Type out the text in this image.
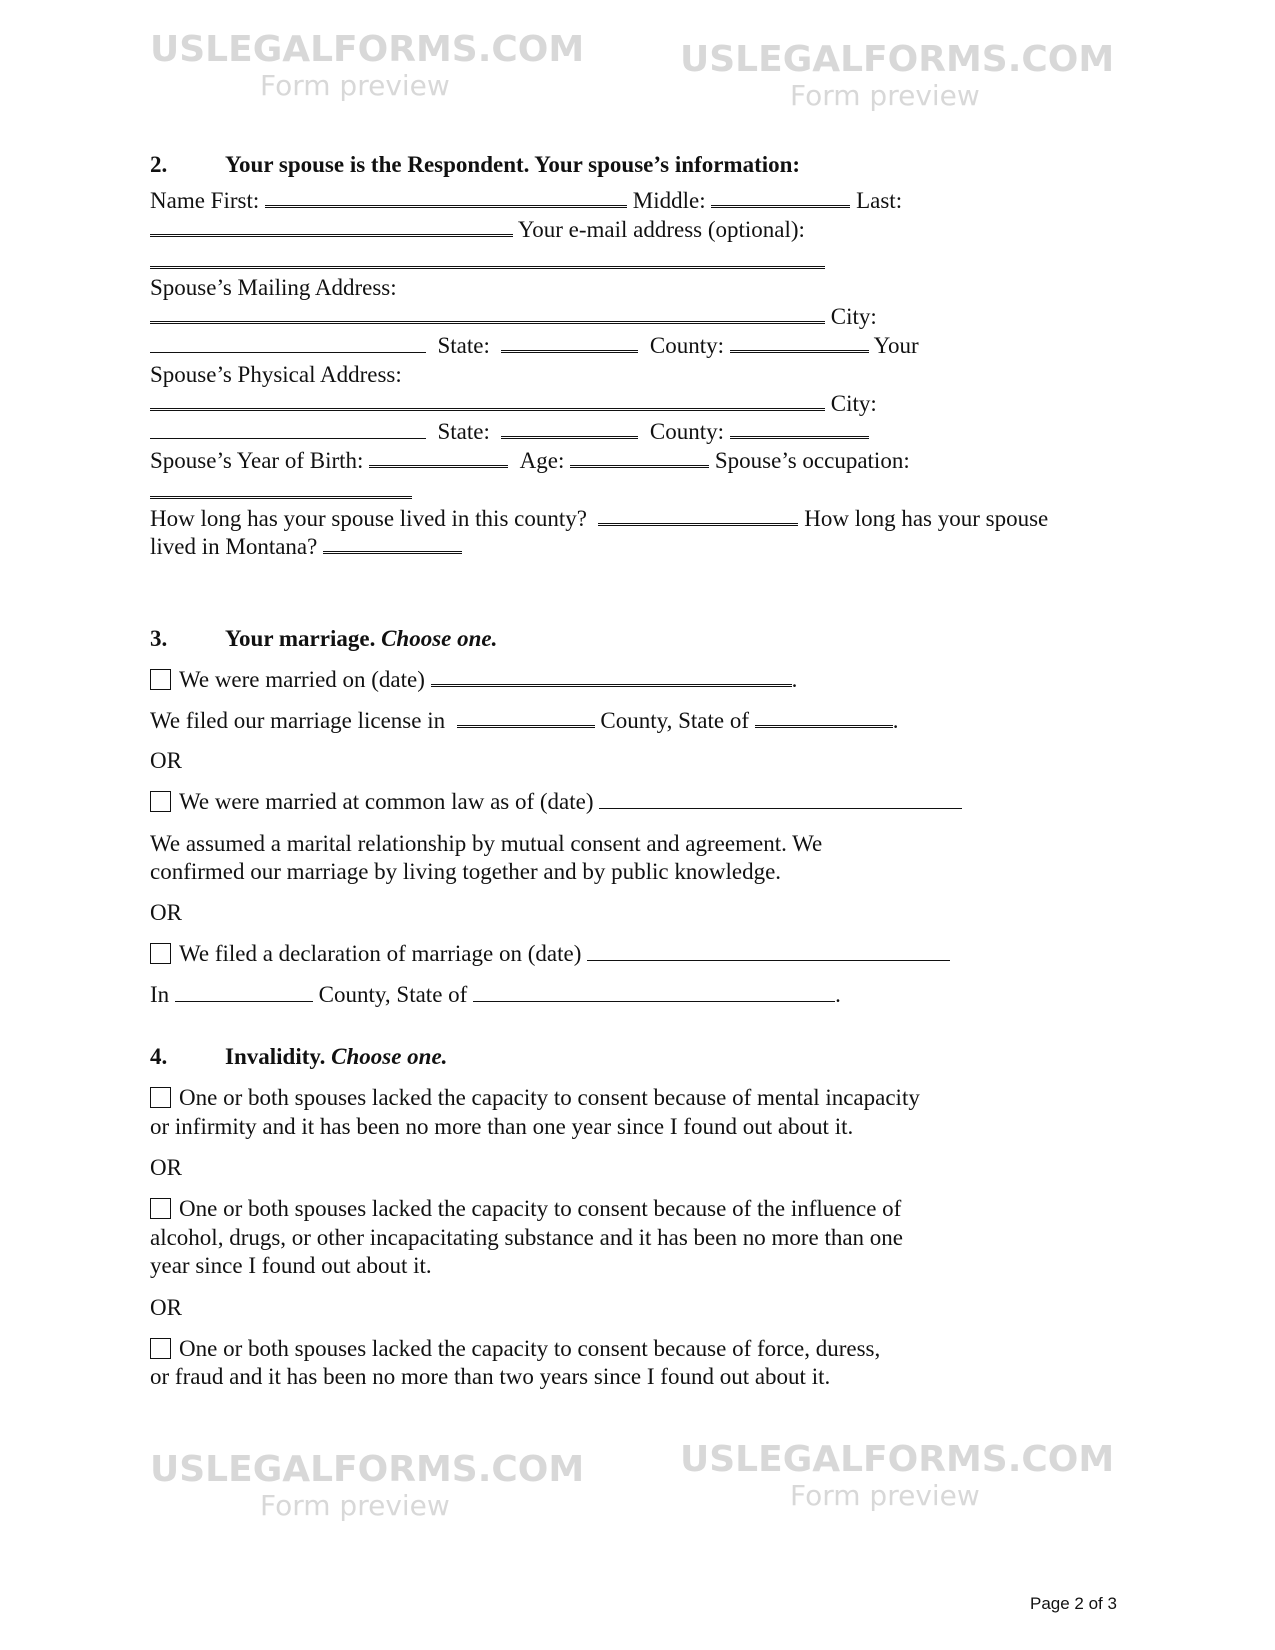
USLEGALFORMS.COM
Form preview
USLEGALFORMS.COM
Form preview
USLEGALFORMS.COM
Form preview
USLEGALFORMS.COM
Form preview
2.	Your spouse is the Respondent. Your spouse’s information:
Name First:	Middle:	Last:
Your e-mail address (optional):
Spouse’s Mailing Address:
City:
State:	County:	Your
Spouse’s Physical Address:
City:
State:	County:
Spouse’s Year of Birth:	Age:	Spouse’s occupation:
How long has your spouse lived in this county?	How long has your spouse
lived in Montana?
3.	Your marriage. Choose one.
We were married on (date)	.
We filed our marriage license in	County, State of	.
OR
We were married at common law as of (date)
We assumed a marital relationship by mutual consent and agreement. We
confirmed our marriage by living together and by public knowledge.
OR
We filed a declaration of marriage on (date)
In	County, State of	.
4.	Invalidity. Choose one.
One or both spouses lacked the capacity to consent because of mental incapacity
or infirmity and it has been no more than one year since I found out about it.
OR
One or both spouses lacked the capacity to consent because of the influence of
alcohol, drugs, or other incapacitating substance and it has been no more than one
year since I found out about it.
OR
One or both spouses lacked the capacity to consent because of force, duress,
or fraud and it has been no more than two years since I found out about it.
Page 2 of 3
